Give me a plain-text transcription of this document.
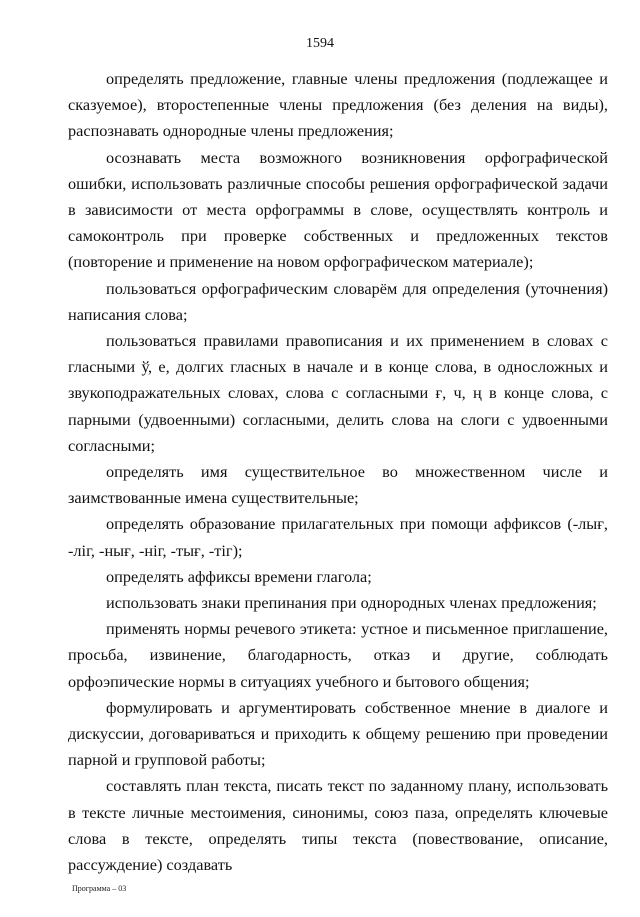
1594

определять предложение, главные члены предложения (подлежащее и сказуемое), второстепенные члены предложения (без деления на виды), распознавать однородные члены предложения;

осознавать места возможного возникновения орфографической ошибки, использовать различные способы решения орфографической задачи в зависимости от места орфограммы в слове, осуществлять контроль и самоконтроль при проверке собственных и предложенных текстов (повторение и применение на новом орфографическом материале);

пользоваться орфографическим словарём для определения (уточнения) написания слова;

пользоваться правилами правописания и их применением в словах с гласными ў, е, долгих гласных в начале и в конце слова, в односложных и звукоподражательных словах, слова с согласными ғ, ч, ң в конце слова, с парными (удвоенными) согласными, делить слова на слоги с удвоенными согласными;

определять имя существительное во множественном числе и заимствованные имена существительные;

определять образование прилагательных при помощи аффиксов (-лығ, -ліг, -нығ, -ніг, -тығ, -тіг);

определять аффиксы времени глагола;

использовать знаки препинания при однородных членах предложения;

применять нормы речевого этикета: устное и письменное приглашение, просьба, извинение, благодарность, отказ и другие, соблюдать орфоэпические нормы в ситуациях учебного и бытового общения;

формулировать и аргументировать собственное мнение в диалоге и дискуссии, договариваться и приходить к общему решению при проведении парной и групповой работы;

составлять план текста, писать текст по заданному плану, использовать в тексте личные местоимения, синонимы, союз паза, определять ключевые слова в тексте, определять типы текста (повествование, описание, рассуждение) создавать

Программа – 03
